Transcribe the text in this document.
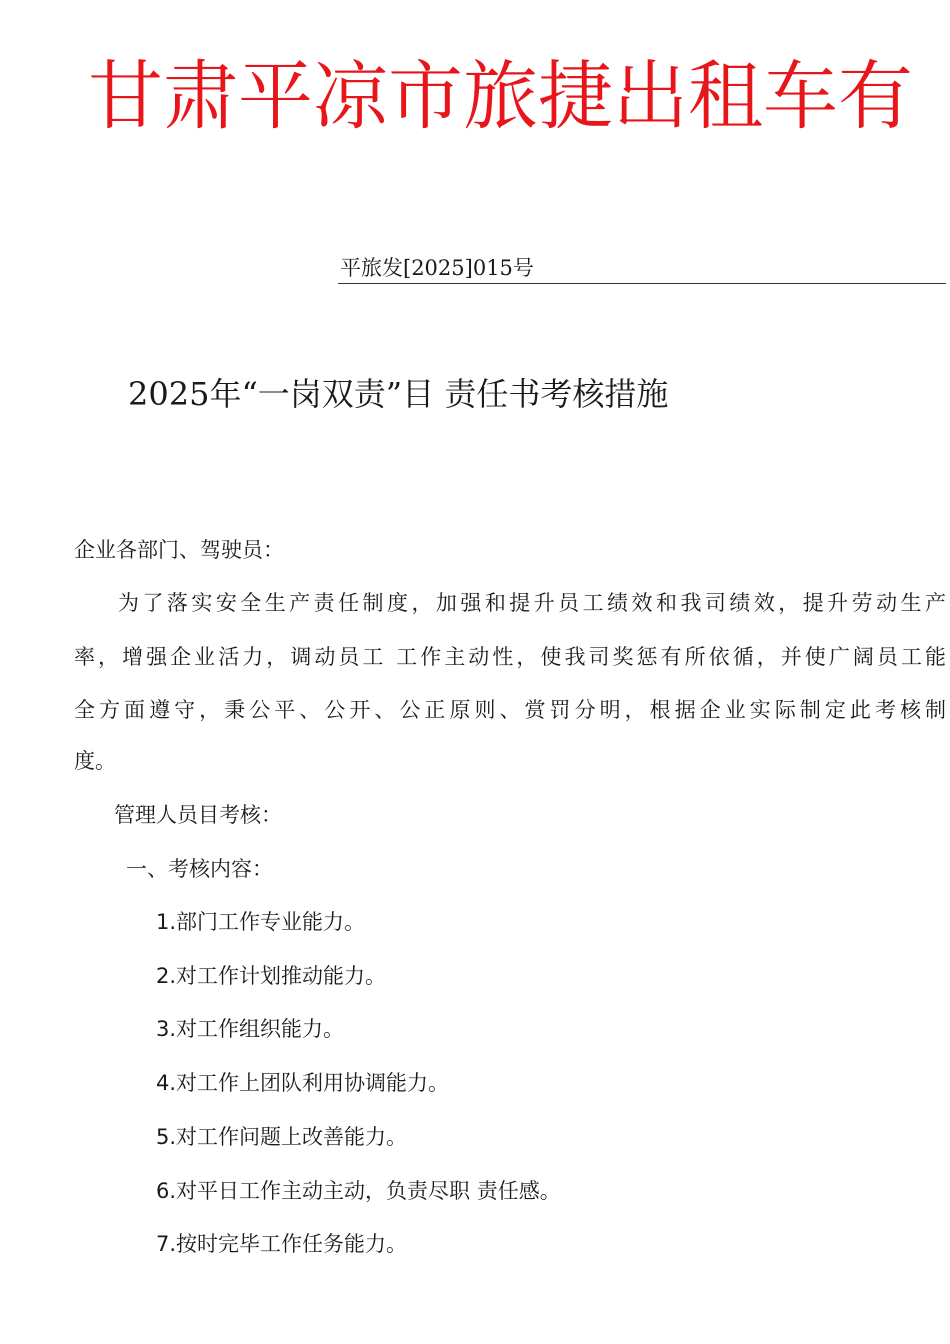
甘肃平凉市旅捷出租车有
平旅发[2025]015号
2025年“一岗双责”目 责任书考核措施
企业各部门、驾驶员：
为了落实安全生产责任制度，加强和提升员工绩效和我司绩效，提升劳动生产
率，增强企业活力，调动员工 工作主动性，使我司奖惩有所依循，并使广阔员工能
全方面遵守，秉公平、公开、公正原则、赏罚分明，根据企业实际制定此考核制
度。
管理人员目考核：
一、考核内容：
1.部门工作专业能力。
2.对工作计划推动能力。
3.对工作组织能力。
4.对工作上团队利用协调能力。
5.对工作问题上改善能力。
6.对平日工作主动主动，负责尽职 责任感。
7.按时完毕工作任务能力。
